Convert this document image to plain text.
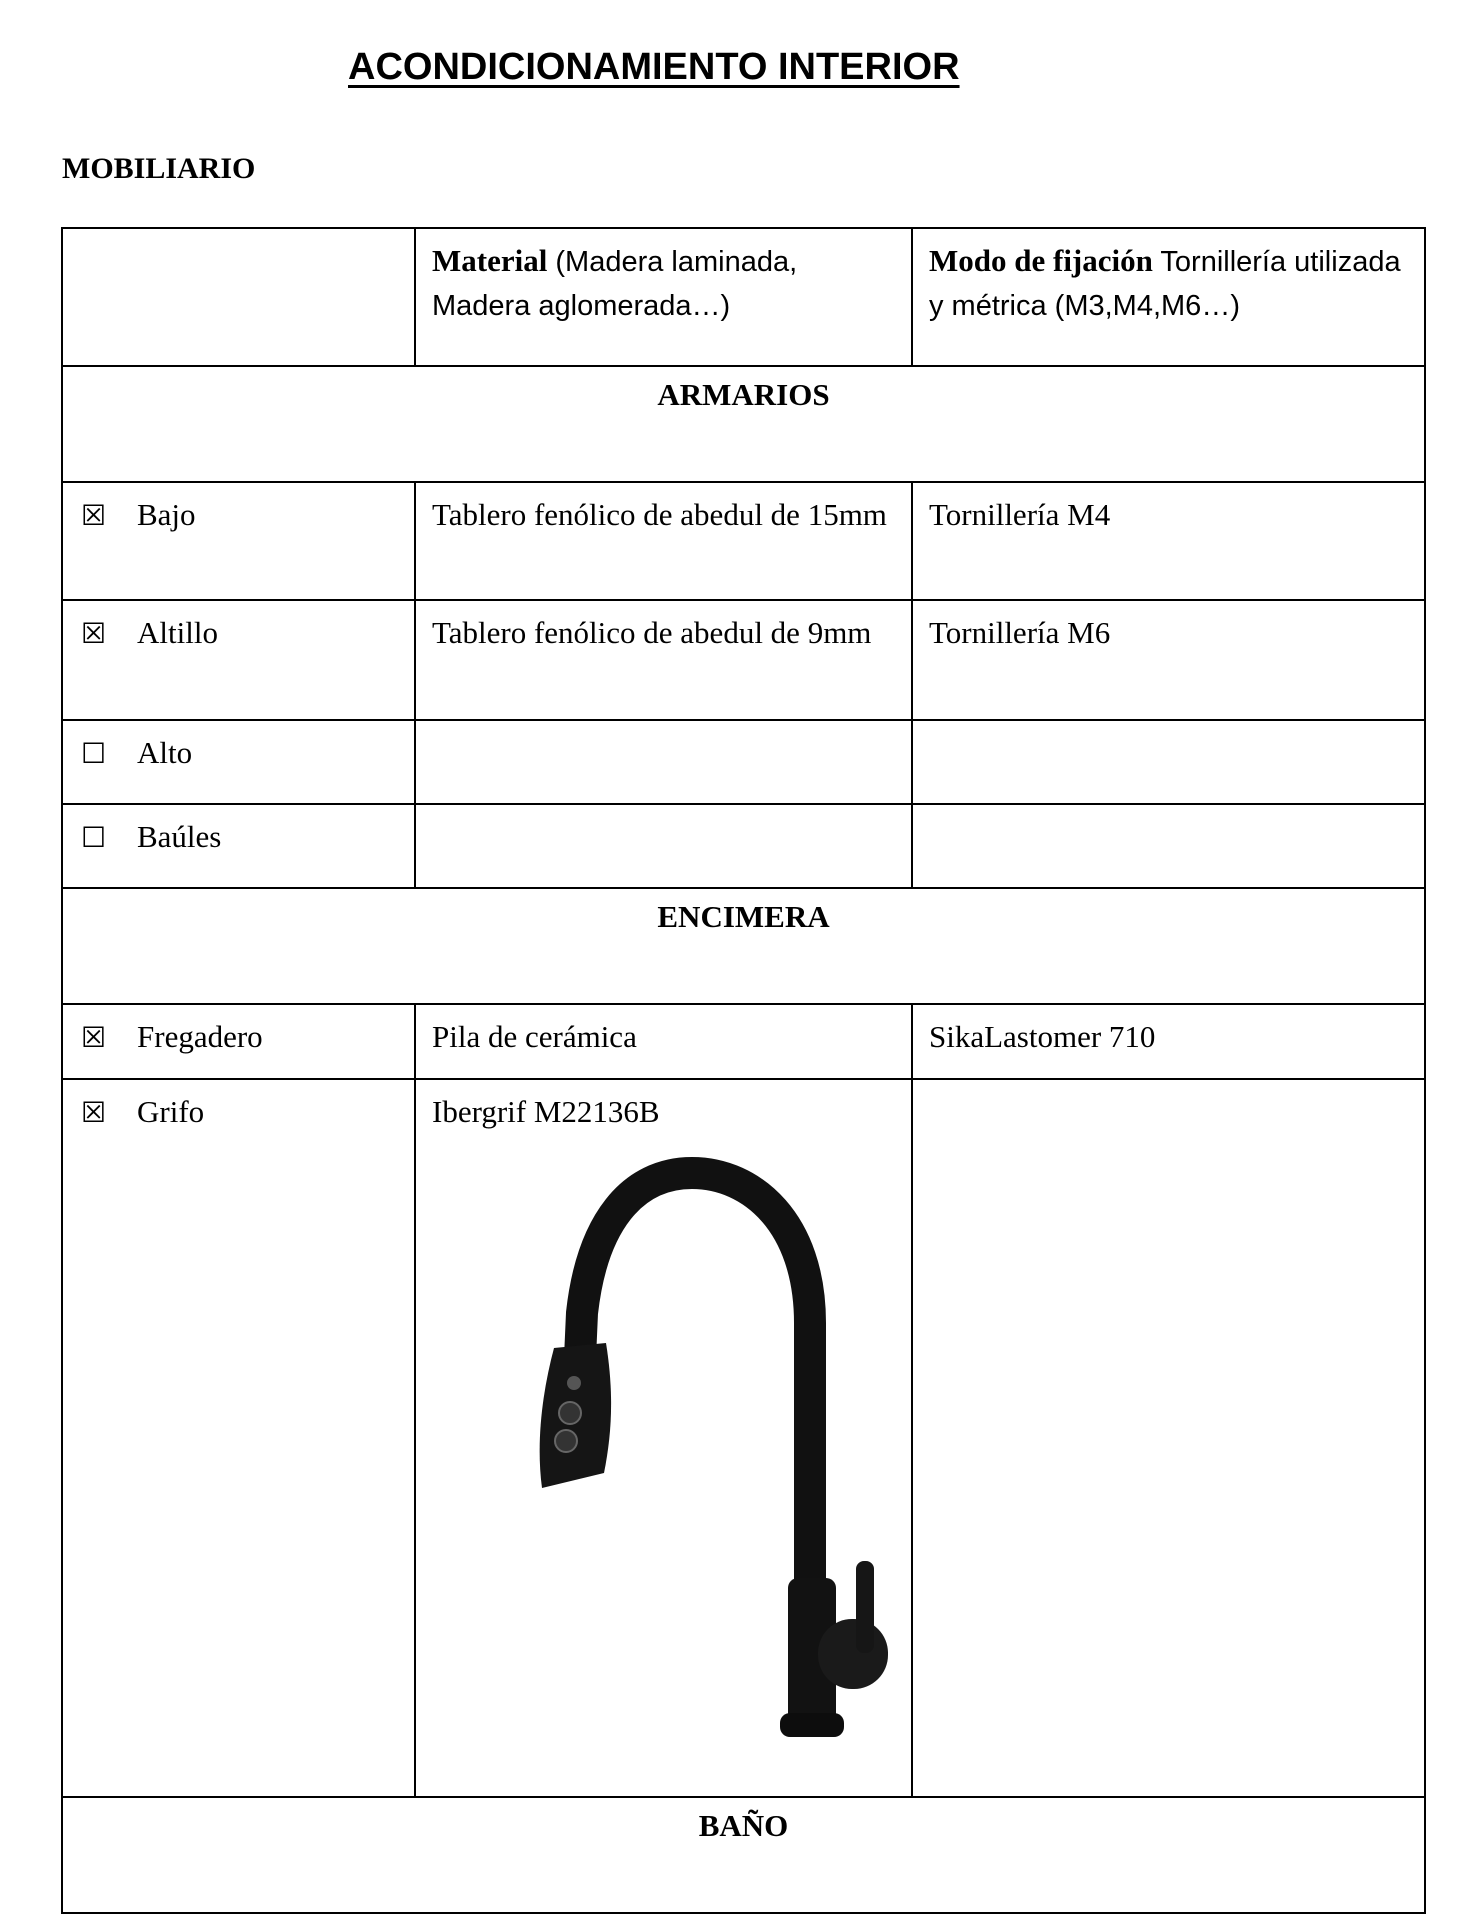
ACONDICIONAMIENTO INTERIOR
MOBILIARIO
	Material (Madera laminada, Madera aglomerada…)	Modo de fijación Tornillería utilizada y métrica (M3,M4,M6…)
ARMARIOS		
☒ Bajo	Tablero fenólico de abedul de 15mm	Tornillería M4
☒ Altillo	Tablero fenólico de abedul de 9mm	Tornillería M6
☐ Alto		
☐ Baúles		
ENCIMERA		
☒ Fregadero	Pila de cerámica	SikaLastomer 710
☒ Grifo	Ibergrif M22136B	

BAÑO		
